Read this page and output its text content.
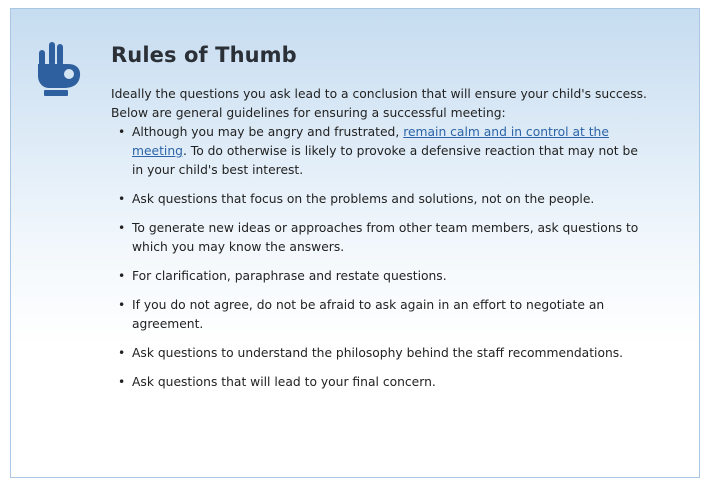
Rules of Thumb

Ideally the questions you ask lead to a conclusion that will ensure your child's success. Below are general guidelines for ensuring a successful meeting:

• Although you may be angry and frustrated, remain calm and in control at the meeting. To do otherwise is likely to provoke a defensive reaction that may not be in your child's best interest.
• Ask questions that focus on the problems and solutions, not on the people.
• To generate new ideas or approaches from other team members, ask questions to which you may know the answers.
• For clarification, paraphrase and restate questions.
• If you do not agree, do not be afraid to ask again in an effort to negotiate an agreement.
• Ask questions to understand the philosophy behind the staff recommendations.
• Ask questions that will lead to your final concern.
